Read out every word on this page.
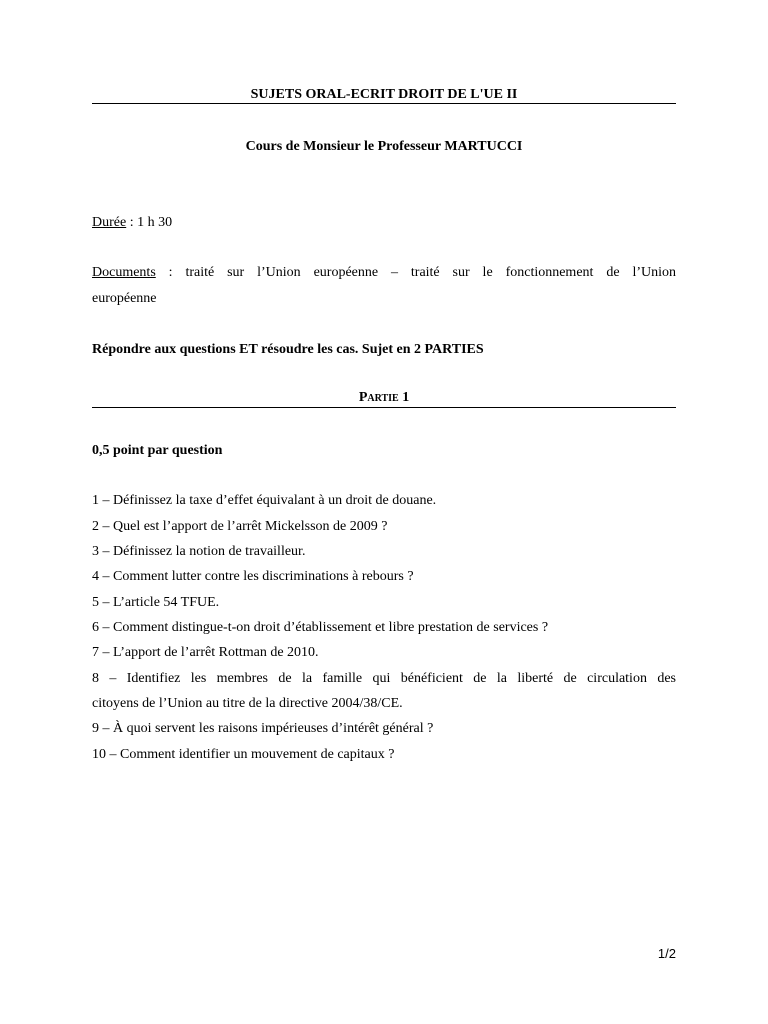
SUJETS ORAL-ECRIT DROIT DE L'UE II
Cours de Monsieur le Professeur MARTUCCI
Durée : 1 h 30
Documents : traité sur l’Union européenne – traité sur le fonctionnement de l’Union
européenne
Répondre aux questions ET résoudre les cas. Sujet en 2 PARTIES
Partie 1
0,5 point par question
1 – Définissez la taxe d’effet équivalant à un droit de douane.
2 – Quel est l’apport de l’arrêt Mickelsson de 2009 ?
3 – Définissez la notion de travailleur.
4 – Comment lutter contre les discriminations à rebours ?
5 – L’article 54 TFUE.
6 – Comment distingue-t-on droit d’établissement et libre prestation de services ?
7 – L’apport de l’arrêt Rottman de 2010.
8 – Identifiez les membres de la famille qui bénéficient de la liberté de circulation des
citoyens de l’Union au titre de la directive 2004/38/CE.
9 – À quoi servent les raisons impérieuses d’intérêt général ?
10 – Comment identifier un mouvement de capitaux ?
1/2
